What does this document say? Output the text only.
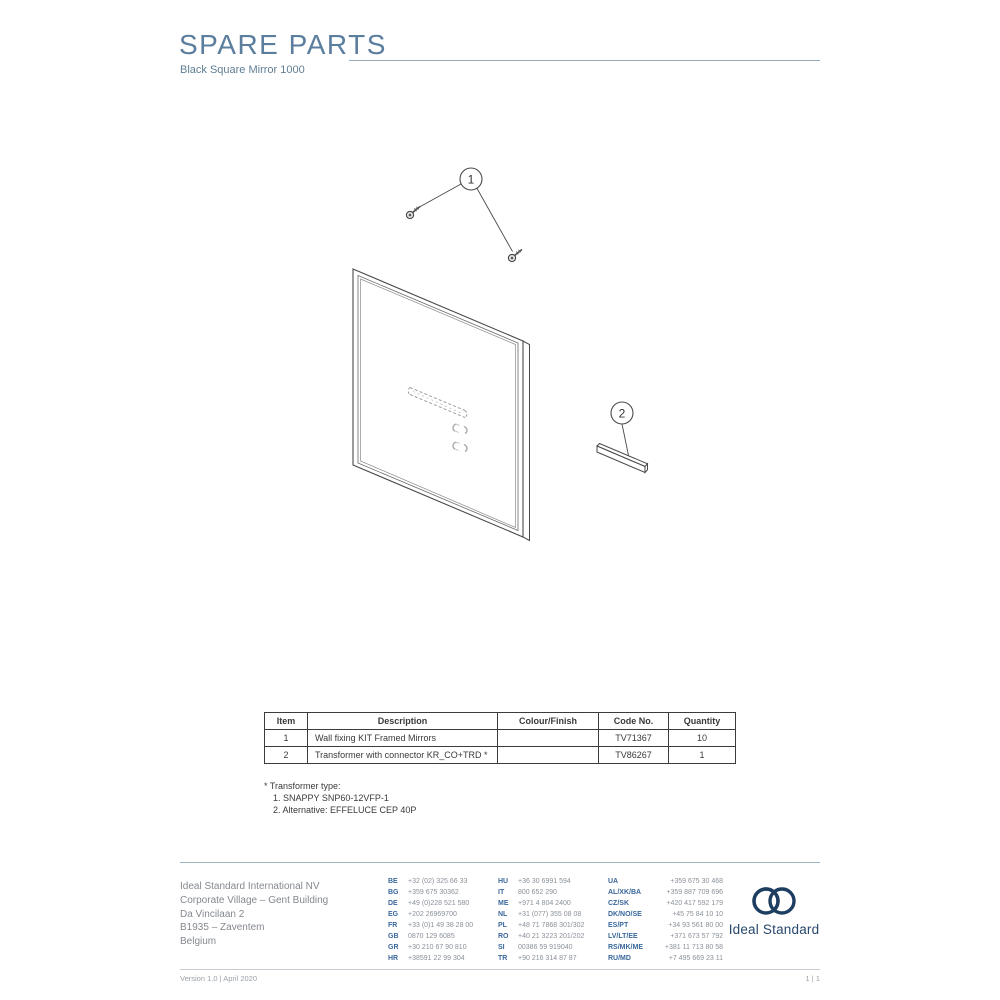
SPARE PARTS
Black Square Mirror 1000
1
2
Item	Description	Colour/Finish	Code No.	Quantity
1	Wall fixing KIT Framed Mirrors		TV71367	10
2	Transformer with connector KR_CO+TRD *		TV86267	1
* Transformer type:
1. SNAPPY SNP60-12VFP-1
2. Alternative: EFFELUCE CEP 40P
Ideal Standard International NV
Corporate Village – Gent Building
Da Vincilaan 2
B1935 – Zaventem
Belgium
BE	+32 (02) 325 66 33
BG	+359 675 30362
DE	+49 (0)228 521 580
EG	+202 26969700
FR	+33 (0)1 49 38 28 00
GB	0870 129 6085
GR	+30 210 67 90 810
HR	+38591 22 99 304
HU	+36 30 6991 594
IT	800 652 290
ME	+971 4 804 2400
NL	+31 (077) 355 08 08
PL	+48 71 7868 301/302
RO	+40 21 3223 201/202
SI	00386 59 919040
TR	+90 216 314 87 87
UA	+359 675 30 468
AL/XK/BA	+359 887 709 696
CZ/SK	+420 417 592 179
DK/NO/SE	+45 75 84 10 10
ES/PT	+34 93 561 80 00
LV/LT/EE	+371 673 57 792
RS/MK/ME	+381 11 713 80 58
RU/MD	+7 495 669 23 11
Ideal Standard
Version 1.0 | April 2020	1 | 1
